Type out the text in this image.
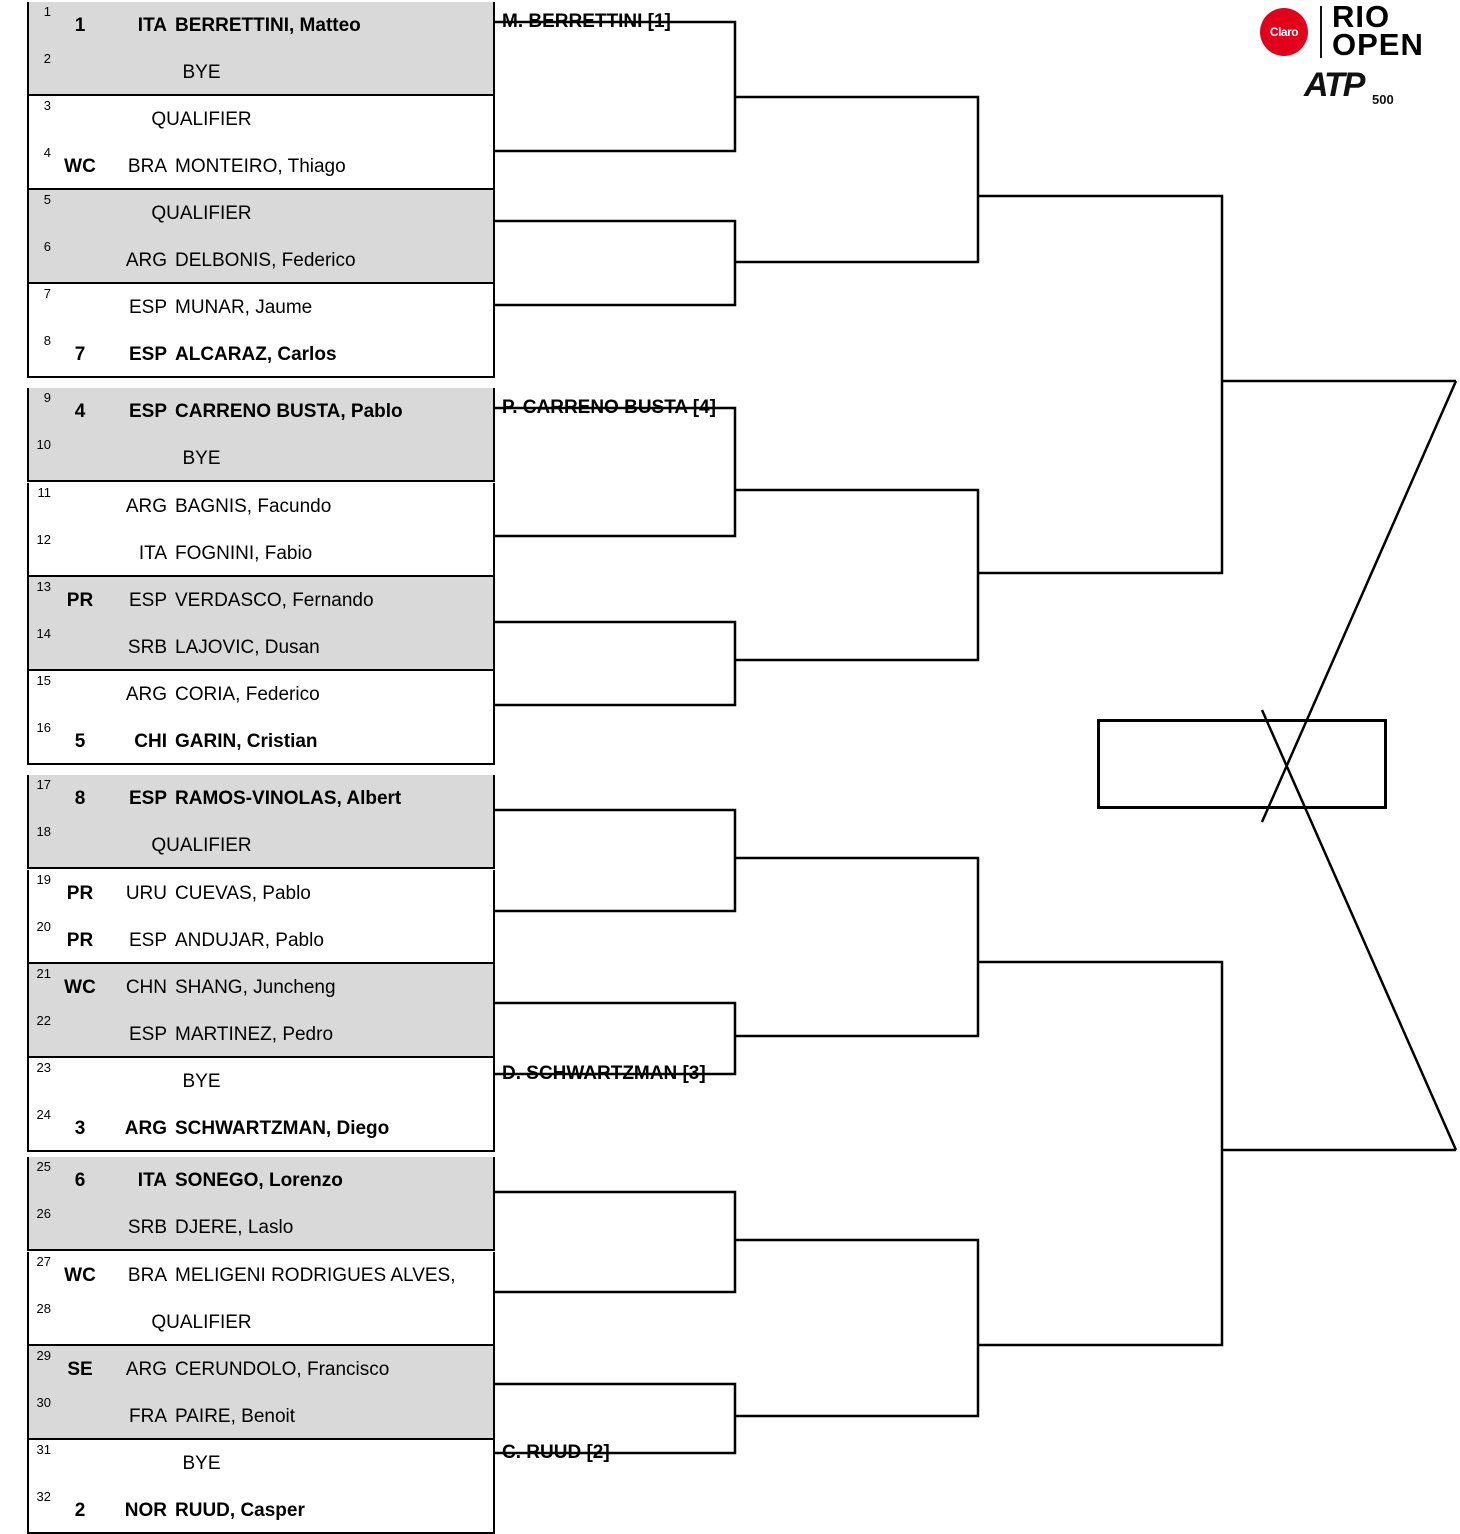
M. BERRETTINI [1]
P. CARRENO BUSTA [4]
D. SCHWARTZMAN [3]
C. RUUD [2]
1
1	ITA BERRETTINI, Matteo
2
BYE
3
QUALIFIER
4
WC	BRA MONTEIRO, Thiago
5
QUALIFIER
6
ARG DELBONIS, Federico
7
ESP MUNAR, Jaume
8
7	ESP ALCARAZ, Carlos
9
4	ESP CARRENO BUSTA, Pablo
10
BYE
11
ARG BAGNIS, Facundo
12
ITA FOGNINI, Fabio
13
PR	ESP VERDASCO, Fernando
14
SRB LAJOVIC, Dusan
15
ARG CORIA, Federico
16
5	CHI GARIN, Cristian
17
8	ESP RAMOS-VINOLAS, Albert
18
QUALIFIER
19
PR	URU CUEVAS, Pablo
20
PR	ESP ANDUJAR, Pablo
21
WC	CHN SHANG, Juncheng
22
ESP MARTINEZ, Pedro
23
BYE
24
3	ARG SCHWARTZMAN, Diego
25
6	ITA SONEGO, Lorenzo
26
SRB DJERE, Laslo
27
WC	BRA MELIGENI RODRIGUES ALVES,
28
QUALIFIER
29
SE	ARG CERUNDOLO, Francisco
30
FRA PAIRE, Benoit
31
BYE
32
2	NOR RUUD, Casper
Claro RIO
OPEN
ATP 500
